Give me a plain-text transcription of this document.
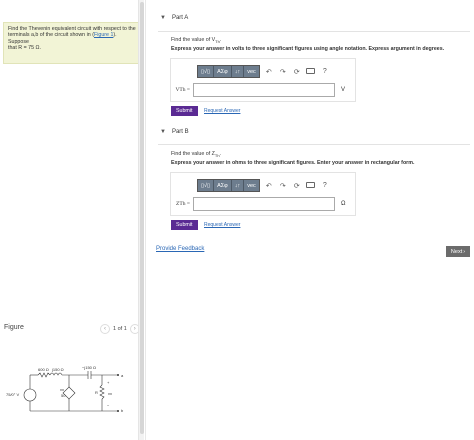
Find the Thevenin equivalent circuit with respect to the
terminals a,b of the circuit shown in (Figure 1). Suppose
that R = 75 Ω.
Figure	‹	1 of 1	›
600 Ω j150 Ω	−j150 Ω
75/0° V
vx
50
R	vx
a
b
+
−
▼ Part A
Find the value of $V_{Th}$.
Express your answer in volts to three significant figures using angle notation. Express argument in degrees.
▯√▯	ΑΣφ	↓↑	vec	↶ ↷ ⟳	?
VTh =	V
Submit	Request Answer
▼ Part B
Find the value of $Z_{Th}$.
Express your answer in ohms to three significant figures. Enter your answer in rectangular form.
▯√▯	ΑΣφ	↓↑	vec	↶ ↷ ⟳	?
ZTh =	Ω
Submit	Request Answer
Provide Feedback	Next ›
